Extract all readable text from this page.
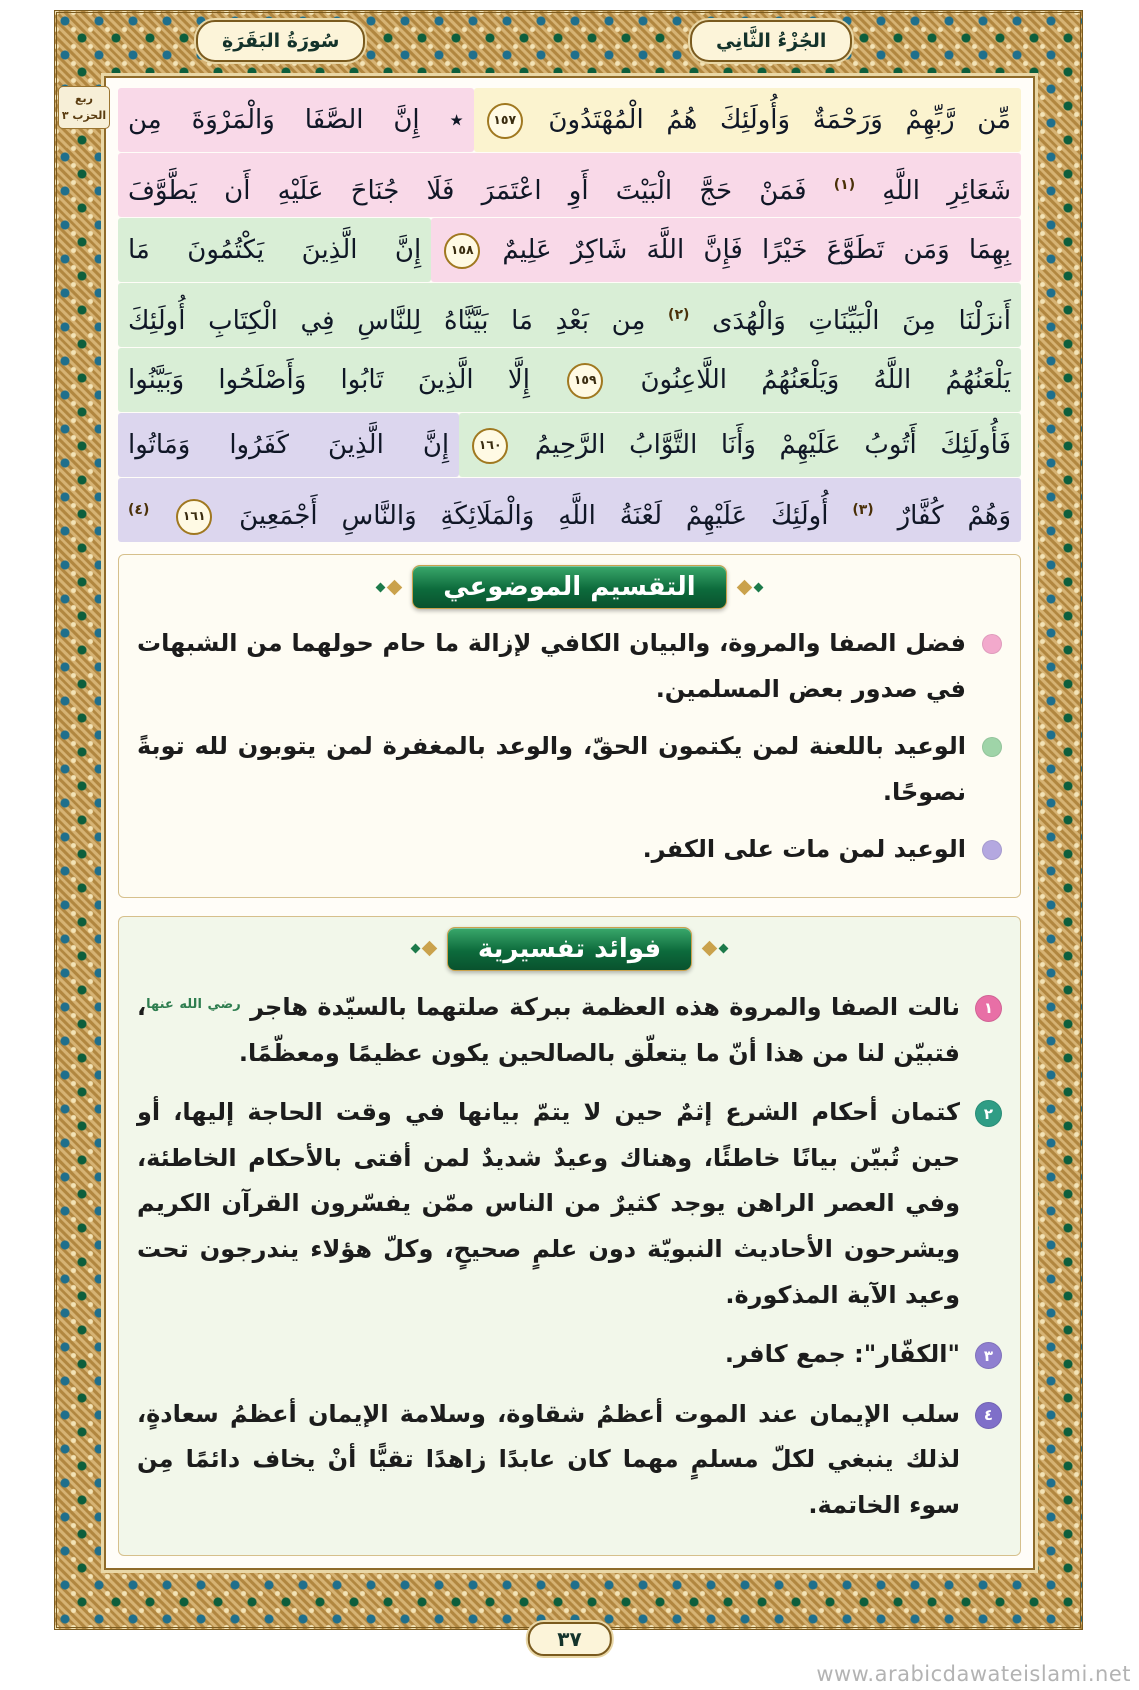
الجُزْءُ الثَّانِي
سُورَةُ البَقَرَةِ
ربع الحزب ٣	مِّن رَّبِّهِمْ وَرَحْمَةٌ وَأُولَئِكَ هُمُ الْمُهْتَدُونَ ١٥٧
٭ إِنَّ الصَّفَا وَالْمَرْوَةَ مِن
شَعَائِرِ اللَّهِ $^{(١)}$ فَمَنْ حَجَّ الْبَيْتَ أَوِ اعْتَمَرَ فَلَا جُنَاحَ عَلَيْهِ أَن يَطَّوَّفَ
بِهِمَا وَمَن تَطَوَّعَ خَيْرًا فَإِنَّ اللَّهَ شَاكِرٌ عَلِيمٌ ١٥٨
إِنَّ الَّذِينَ يَكْتُمُونَ مَا
أَنزَلْنَا مِنَ الْبَيِّنَاتِ وَالْهُدَى $^{(٢)}$ مِن بَعْدِ مَا بَيَّنَّاهُ لِلنَّاسِ فِي الْكِتَابِ أُولَئِكَ
يَلْعَنُهُمُ اللَّهُ وَيَلْعَنُهُمُ اللَّاعِنُونَ ١٥٩ إِلَّا الَّذِينَ تَابُوا وَأَصْلَحُوا وَبَيَّنُوا
فَأُولَئِكَ أَتُوبُ عَلَيْهِمْ وَأَنَا التَّوَّابُ الرَّحِيمُ ١٦٠
إِنَّ الَّذِينَ كَفَرُوا وَمَاتُوا
وَهُمْ كُفَّارٌ $^{(٣)}$ أُولَئِكَ عَلَيْهِمْ لَعْنَةُ اللَّهِ وَالْمَلَائِكَةِ وَالنَّاسِ أَجْمَعِينَ ١٦١ $^{(٤)}$
التقسيم الموضوعي
فضل الصفا والمروة، والبيان الكافي لإزالة ما حام حولهما من الشبهات في صدور بعض المسلمين.
الوعيد باللعنة لمن يكتمون الحقّ، والوعد بالمغفرة لمن يتوبون لله توبةً نصوحًا.
الوعيد لمن مات على الكفر.
فوائد تفسيرية
١
نالت الصفا والمروة هذه العظمة ببركة صلتهما بالسيّدة هاجر $^{رضي الله عنها}$، فتبيّن لنا من هذا أنّ ما يتعلّق بالصالحين يكون عظيمًا ومعظّمًا.
٢
كتمان أحكام الشرع إثمٌ حين لا يتمّ بيانها في وقت الحاجة إليها، أو حين تُبيّن بيانًا خاطئًا، وهناك وعيدٌ شديدٌ لمن أفتى بالأحكام الخاطئة، وفي العصر الراهن يوجد كثيرٌ من الناس ممّن يفسّرون القرآن الكريم ويشرحون الأحاديث النبويّة دون علمٍ صحيحٍ، وكلّ هؤلاء يندرجون تحت وعيد الآية المذكورة.
٣
"الكفّار": جمع كافر.
٤
سلب الإيمان عند الموت أعظمُ شقاوة، وسلامة الإيمان أعظمُ سعادةٍ، لذلك ينبغي لكلّ مسلمٍ مهما كان عابدًا زاهدًا تقيًّا أنْ يخاف دائمًا مِن سوء الخاتمة.
٣٧
www.arabicdawateislami.net
